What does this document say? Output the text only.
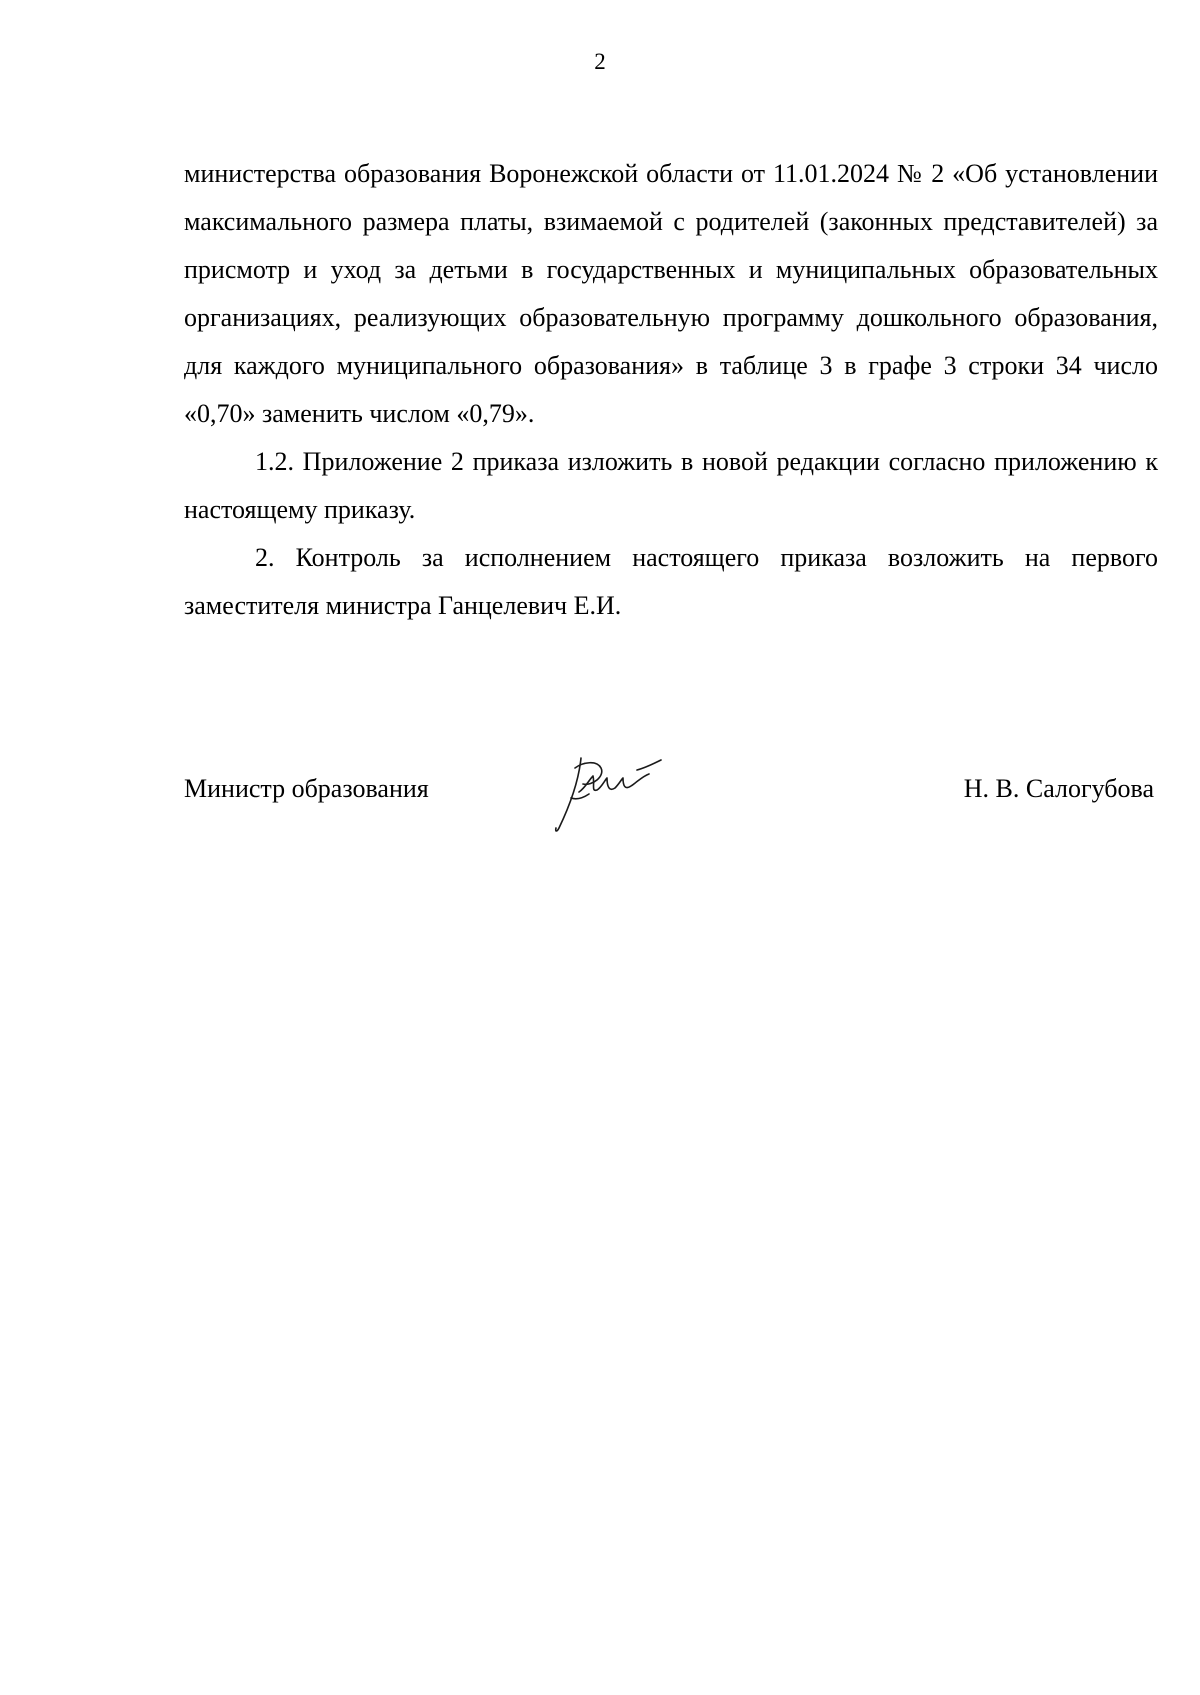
2

министерства образования Воронежской области от 11.01.2024 № 2 «Об установлении максимального размера платы, взимаемой с родителей (законных представителей) за присмотр и уход за детьми в государственных и муниципальных образовательных организациях, реализующих образовательную программу дошкольного образования, для каждого муниципального образования» в таблице 3 в графе 3 строки 34 число «0,70» заменить числом «0,79».

1.2. Приложение 2 приказа изложить в новой редакции согласно приложению к настоящему приказу.

2. Контроль за исполнением настоящего приказа возложить на первого заместителя министра Ганцелевич Е.И.

Министр образования	Н. В. Салогубова
